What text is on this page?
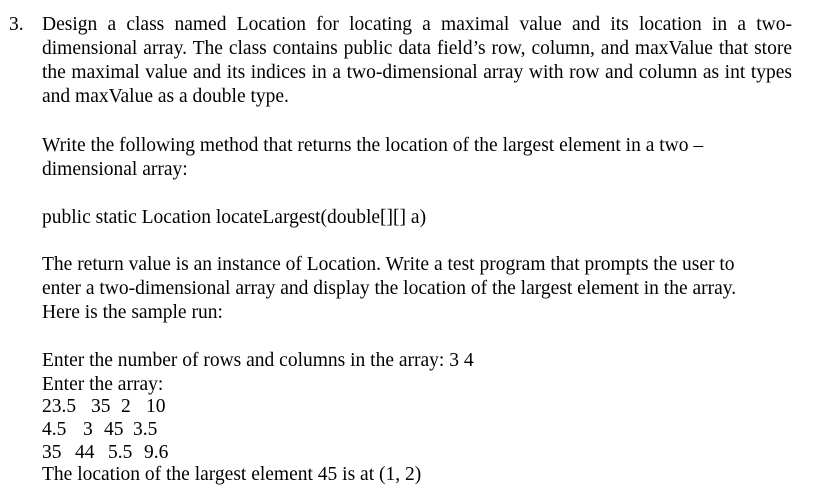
3. Design a class named Location for locating a maximal value and its location in a two-
dimensional array. The class contains public data field’s row, column, and maxValue that store
the maximal value and its indices in a two-dimensional array with row and column as int types
and maxValue as a double type.
Write the following method that returns the location of the largest element in a two –
dimensional array:
public static Location locateLargest(double[][] a)
The return value is an instance of Location. Write a test program that prompts the user to
enter a two-dimensional array and display the location of the largest element in the array.
Here is the sample run:
Enter the number of rows and columns in the array: 3 4
Enter the array:
23.5 35 2 10
4.5 3 45 3.5
35 44 5.5 9.6
The location of the largest element 45 is at (1, 2)
